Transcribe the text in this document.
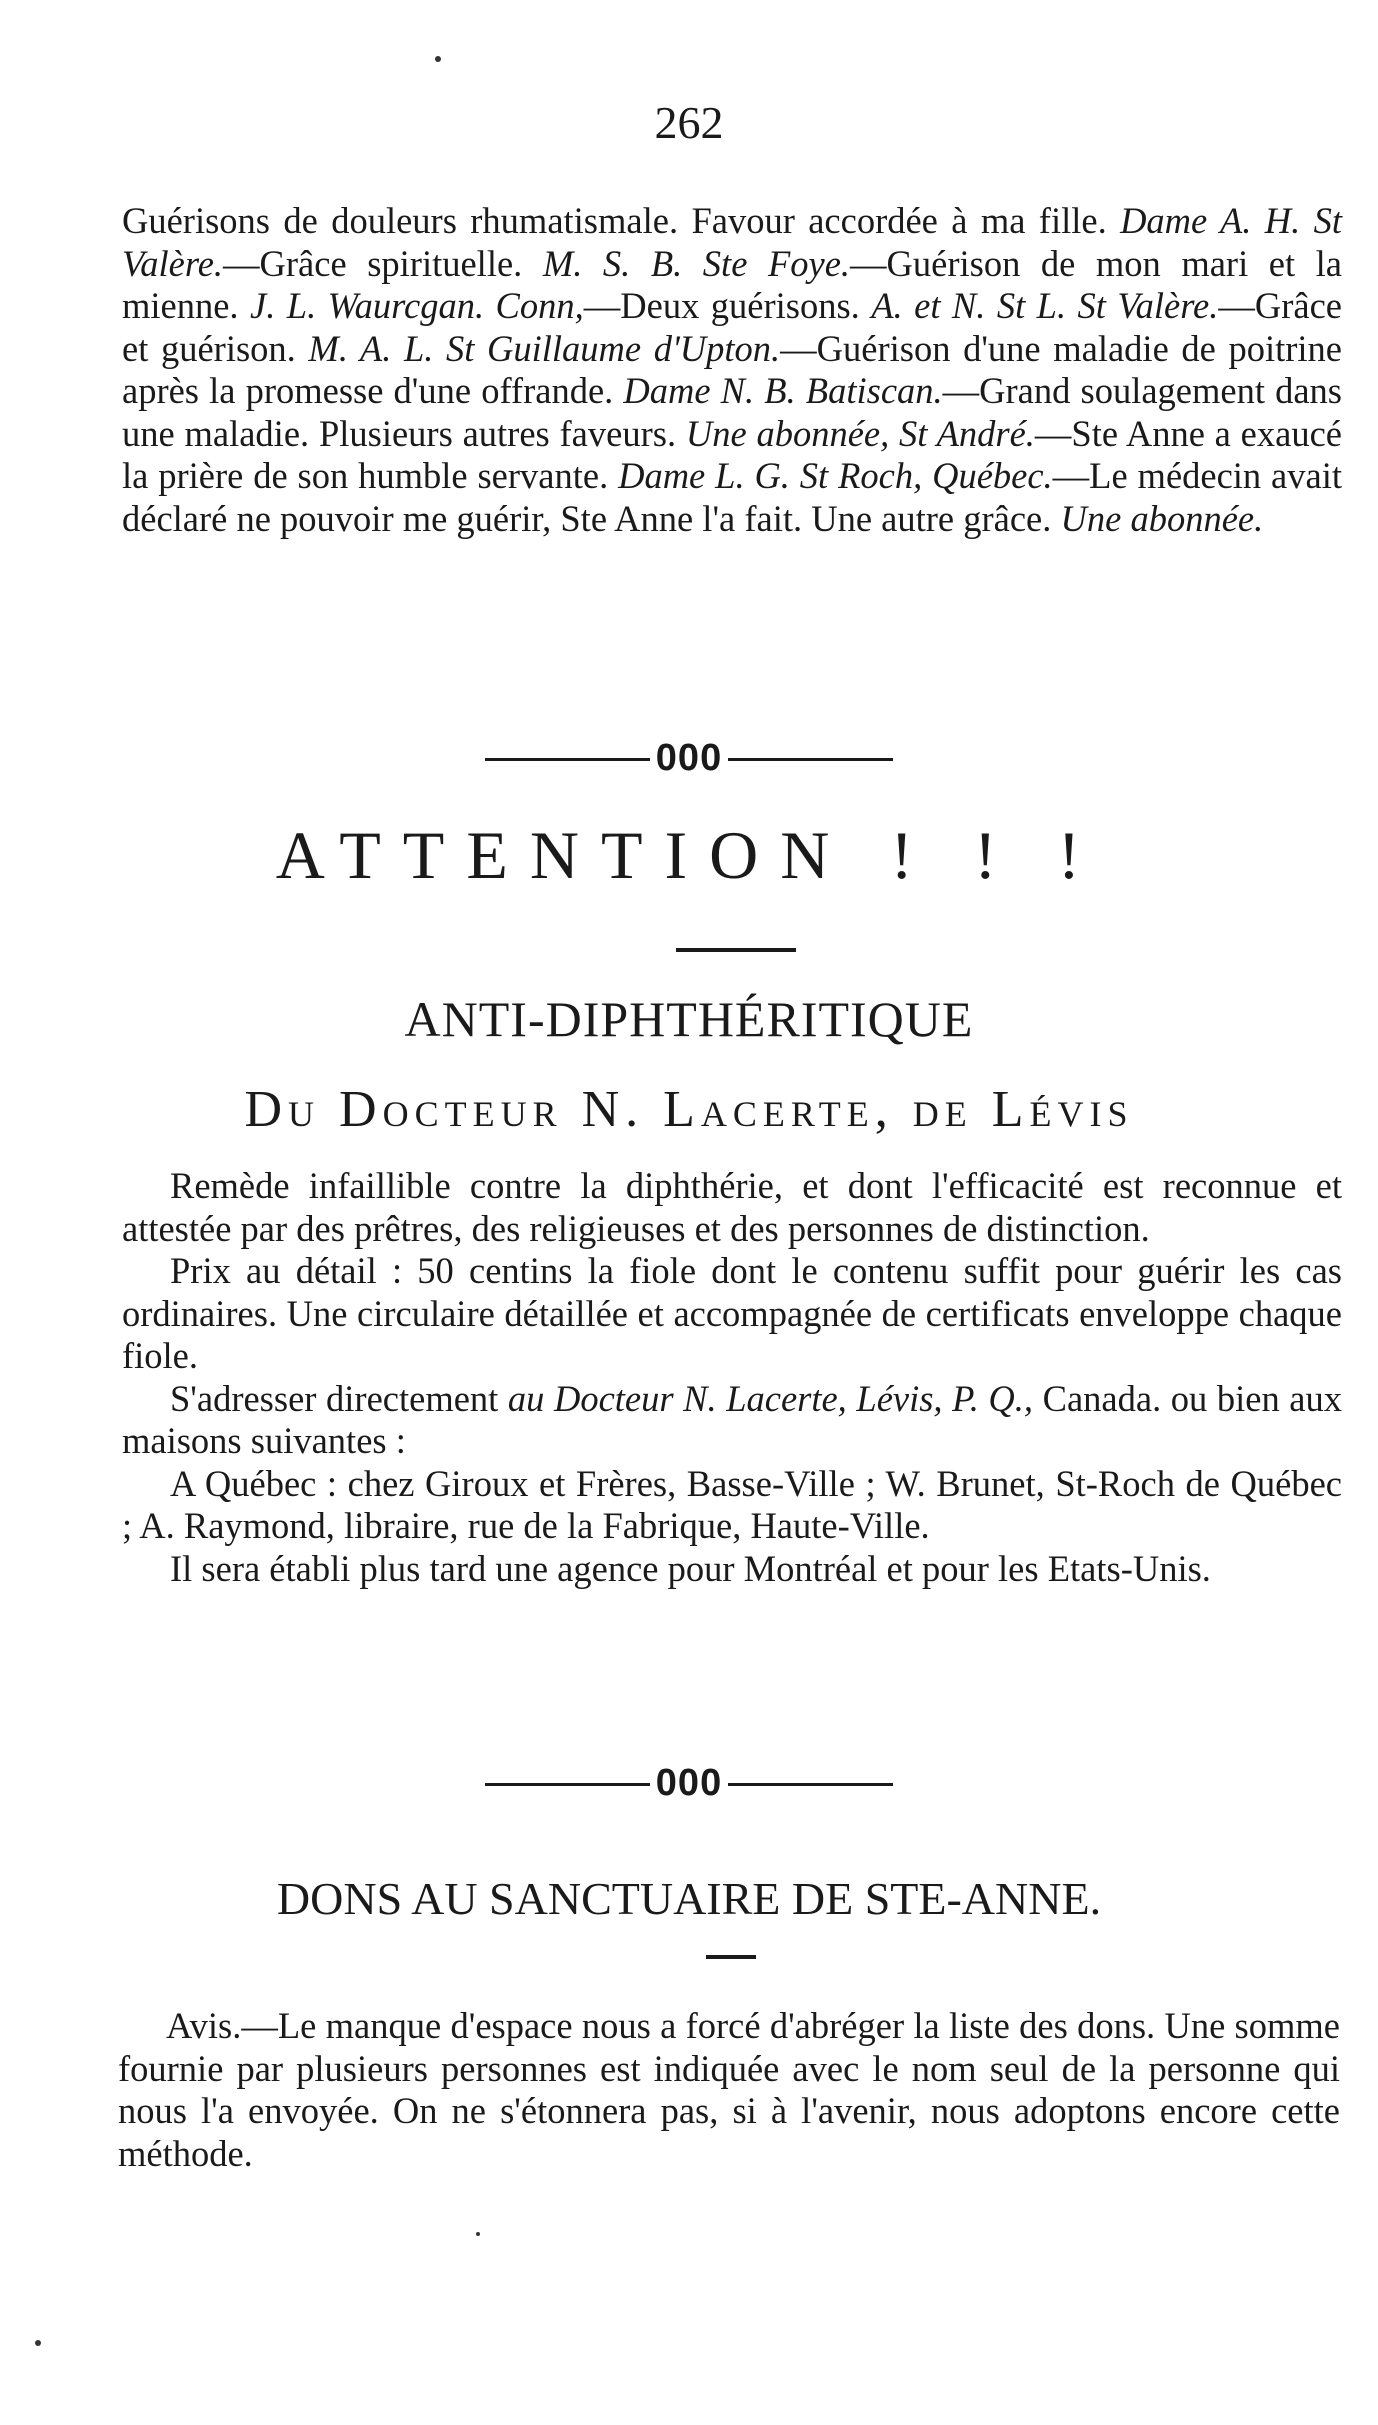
262

Guérisons de douleurs rhumatismale. Favour accordée à ma fille. Dame A. H. St Valère.—Grâce spirituelle. M. S. B. Ste Foye.—Guérison de mon mari et la mienne. J. L. Waurcgan. Conn,—Deux guérisons. A. et N. St L. St Valère.—Grâce et guérison. M. A. L. St Guillaume d'Upton.—Guérison d'une maladie de poitrine après la promesse d'une offrande. Dame N. B. Batiscan.—Grand soulagement dans une maladie. Plusieurs autres faveurs. Une abonnée, St André.—Ste Anne a exaucé la prière de son humble servante. Dame L. G. St Roch, Québec.—Le médecin avait déclaré ne pouvoir me guérir, Ste Anne l'a fait. Une autre grâce. Une abonnée.

000
ATTENTION ! ! !
ANTI-DIPHTHÉRITIQUE
Du Docteur N. Lacerte, de Lévis

Remède infaillible contre la diphthérie, et dont l'efficacité est reconnue et attestée par des prêtres, des religieuses et des personnes de distinction.

Prix au détail : 50 centins la fiole dont le contenu suffit pour guérir les cas ordinaires. Une circulaire détaillée et accompagnée de certificats enveloppe chaque fiole.

S'adresser directement au Docteur N. Lacerte, Lévis, P. Q., Canada. ou bien aux maisons suivantes :

A Québec : chez Giroux et Frères, Basse-Ville ; W. Brunet, St-Roch de Québec ; A. Raymond, libraire, rue de la Fabrique, Haute-Ville.

Il sera établi plus tard une agence pour Montréal et pour les Etats-Unis.

000
DONS AU SANCTUAIRE DE STE-ANNE.

Avis.—Le manque d'espace nous a forcé d'abréger la liste des dons. Une somme fournie par plusieurs personnes est indiquée avec le nom seul de la personne qui nous l'a envoyée. On ne s'étonnera pas, si à l'avenir, nous adoptons encore cette méthode.
